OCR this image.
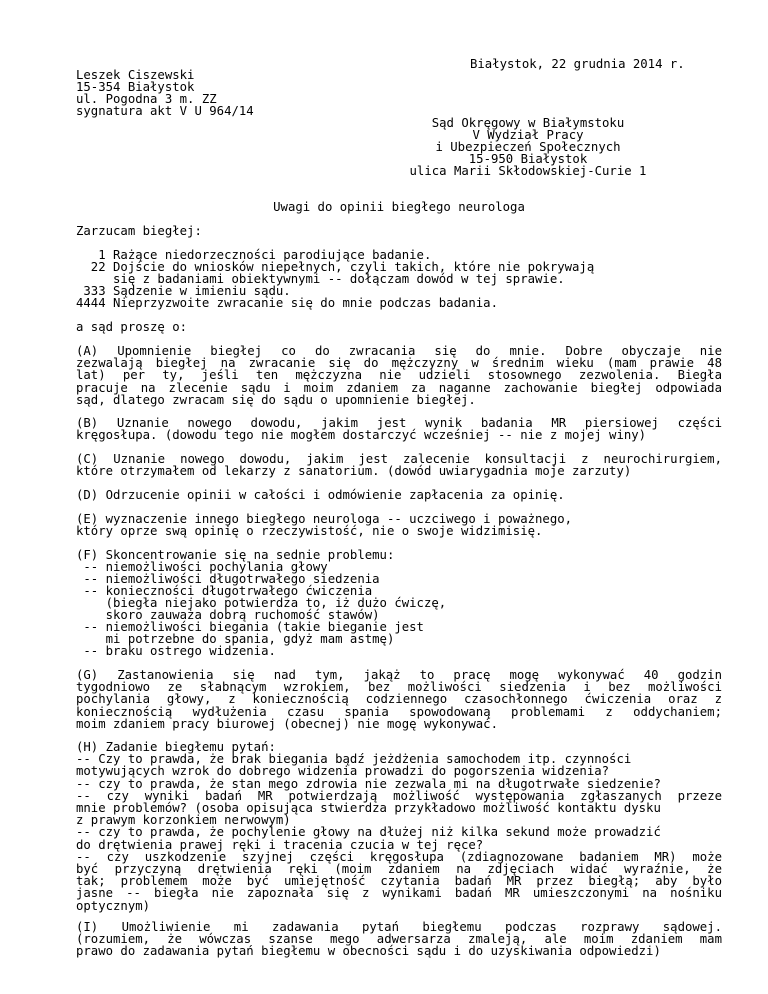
Białystok, 22 grudnia 2014 r.
Leszek Ciszewski
15-354 Białystok
ul. Pogodna 3 m. ZZ
sygnatura akt V U 964/14
Sąd Okręgowy w Białymstoku
V Wydział Pracy
i Ubezpieczeń Społecznych
15-950 Białystok
ulica Marii Skłodowskiej-Curie 1
Uwagi do opinii biegłego neurologa
Zarzucam biegłej:
1 Rażące niedorzeczności parodiujące badanie.
22 Dojście do wniosków niepełnych, czyli takich, które nie pokrywają
się z badaniami obiektywnymi -- dołączam dowód w tej sprawie.
333 Sądzenie w imieniu sądu.
4444 Nieprzyzwoite zwracanie się do mnie podczas badania.
a sąd proszę o:
(A) Upomnienie biegłej co do zwracania się do mnie. Dobre obyczaje nie
zezwalają biegłej na zwracanie się do mężczyzny w średnim wieku (mam prawie 48
lat) per ty, jeśli ten mężczyzna nie udzieli stosownego zezwolenia. Biegła
pracuje na zlecenie sądu i moim zdaniem za naganne zachowanie biegłej odpowiada
sąd, dlatego zwracam się do sądu o upomnienie biegłej.
(B) Uznanie nowego dowodu, jakim jest wynik badania MR piersiowej części
kręgosłupa. (dowodu tego nie mogłem dostarczyć wcześniej -- nie z mojej winy)
(C) Uznanie nowego dowodu, jakim jest zalecenie konsultacji z neurochirurgiem,
które otrzymałem od lekarzy z sanatorium. (dowód uwiarygadnia moje zarzuty)
(D) Odrzucenie opinii w całości i odmówienie zapłacenia za opinię.
(E) wyznaczenie innego biegłego neurologa -- uczciwego i poważnego,
który oprze swą opinię o rzeczywistość, nie o swoje widzimisię.
(F) Skoncentrowanie się na sednie problemu:
-- niemożliwości pochylania głowy
-- niemożliwości długotrwałego siedzenia
-- konieczności długotrwałego ćwiczenia
(biegła niejako potwierdza to, iż dużo ćwiczę,
skoro zauważa dobrą ruchomość stawów)
-- niemożliwości biegania (takie bieganie jest
mi potrzebne do spania, gdyż mam astmę)
-- braku ostrego widzenia.
(G) Zastanowienia się nad tym, jakąż to pracę mogę wykonywać 40 godzin
tygodniowo ze słabnącym wzrokiem, bez możliwości siedzenia i bez możliwości
pochylania głowy, z koniecznością codziennego czasochłonnego ćwiczenia oraz z
koniecznością wydłużenia czasu spania spowodowaną problemami z oddychaniem;
moim zdaniem pracy biurowej (obecnej) nie mogę wykonywać.
(H) Zadanie biegłemu pytań:
-- Czy to prawda, że brak biegania bądź jeżdżenia samochodem itp. czynności
motywujących wzrok do dobrego widzenia prowadzi do pogorszenia widzenia?
-- czy to prawda, że stan mego zdrowia nie zezwala mi na długotrwałe siedzenie?
-- czy wyniki badań MR potwierdzają możliwość występowania zgłaszanych przeze
mnie problemów? (osoba opisująca stwierdza przykładowo możliwość kontaktu dysku
z prawym korzonkiem nerwowym)
-- czy to prawda, że pochylenie głowy na dłużej niż kilka sekund może prowadzić
do drętwienia prawej ręki i tracenia czucia w tej ręce?
-- czy uszkodzenie szyjnej części kręgosłupa (zdiagnozowane badaniem MR) może
być przyczyną drętwienia ręki (moim zdaniem na zdjęciach widać wyraźnie, że
tak; problemem może być umiejętność czytania badań MR przez biegłą; aby było
jasne -- biegła nie zapoznała się z wynikami badań MR umieszczonymi na nośniku
optycznym)
(I) Umożliwienie mi zadawania pytań biegłemu podczas rozprawy sądowej.
(rozumiem, że wówczas szanse mego adwersarza zmaleją, ale moim zdaniem mam
prawo do zadawania pytań biegłemu w obecności sądu i do uzyskiwania odpowiedzi)
